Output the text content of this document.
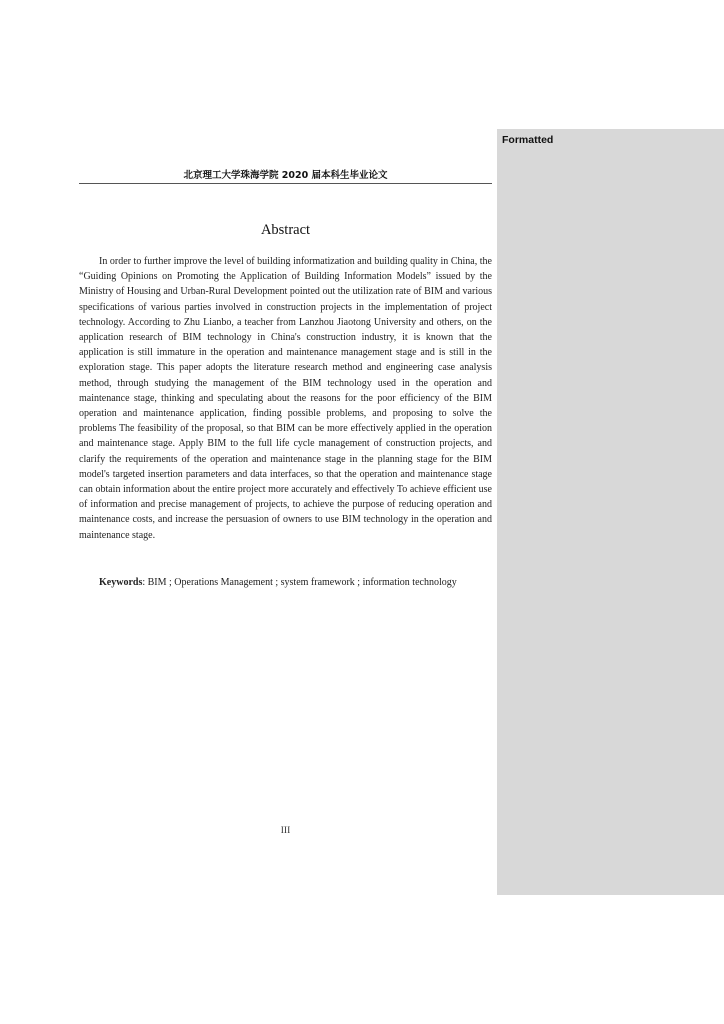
Formatted
北京理工大学珠海学院 2020 届本科生毕业论文
Abstract

In order to further improve the level of building informatization and building quality in China, the “Guiding Opinions on Promoting the Application of Building Information Models” issued by the Ministry of Housing and Urban-Rural Development pointed out the utilization rate of BIM and various specifications of various parties involved in construction projects in the implementation of project technology. According to Zhu Lianbo, a teacher from Lanzhou Jiaotong University and others, on the application research of BIM technology in China's construction industry, it is known that the application is still immature in the operation and maintenance management stage and is still in the exploration stage. This paper adopts the literature research method and engineering case analysis method, through studying the management of the BIM technology used in the operation and maintenance stage, thinking and speculating about the reasons for the poor efficiency of the BIM operation and maintenance application, finding possible problems, and proposing to solve the problems The feasibility of the proposal, so that BIM can be more effectively applied in the operation and maintenance stage. Apply BIM to the full life cycle management of construction projects, and clarify the requirements of the operation and maintenance stage in the planning stage for the BIM model's targeted insertion parameters and data interfaces, so that the operation and maintenance stage can obtain information about the entire project more accurately and effectively To achieve efficient use of information and precise management of projects, to achieve the purpose of reducing operation and maintenance costs, and increase the persuasion of owners to use BIM technology in the operation and maintenance stage.

Keywords: BIM ; Operations Management ; system framework ; information technology
III
